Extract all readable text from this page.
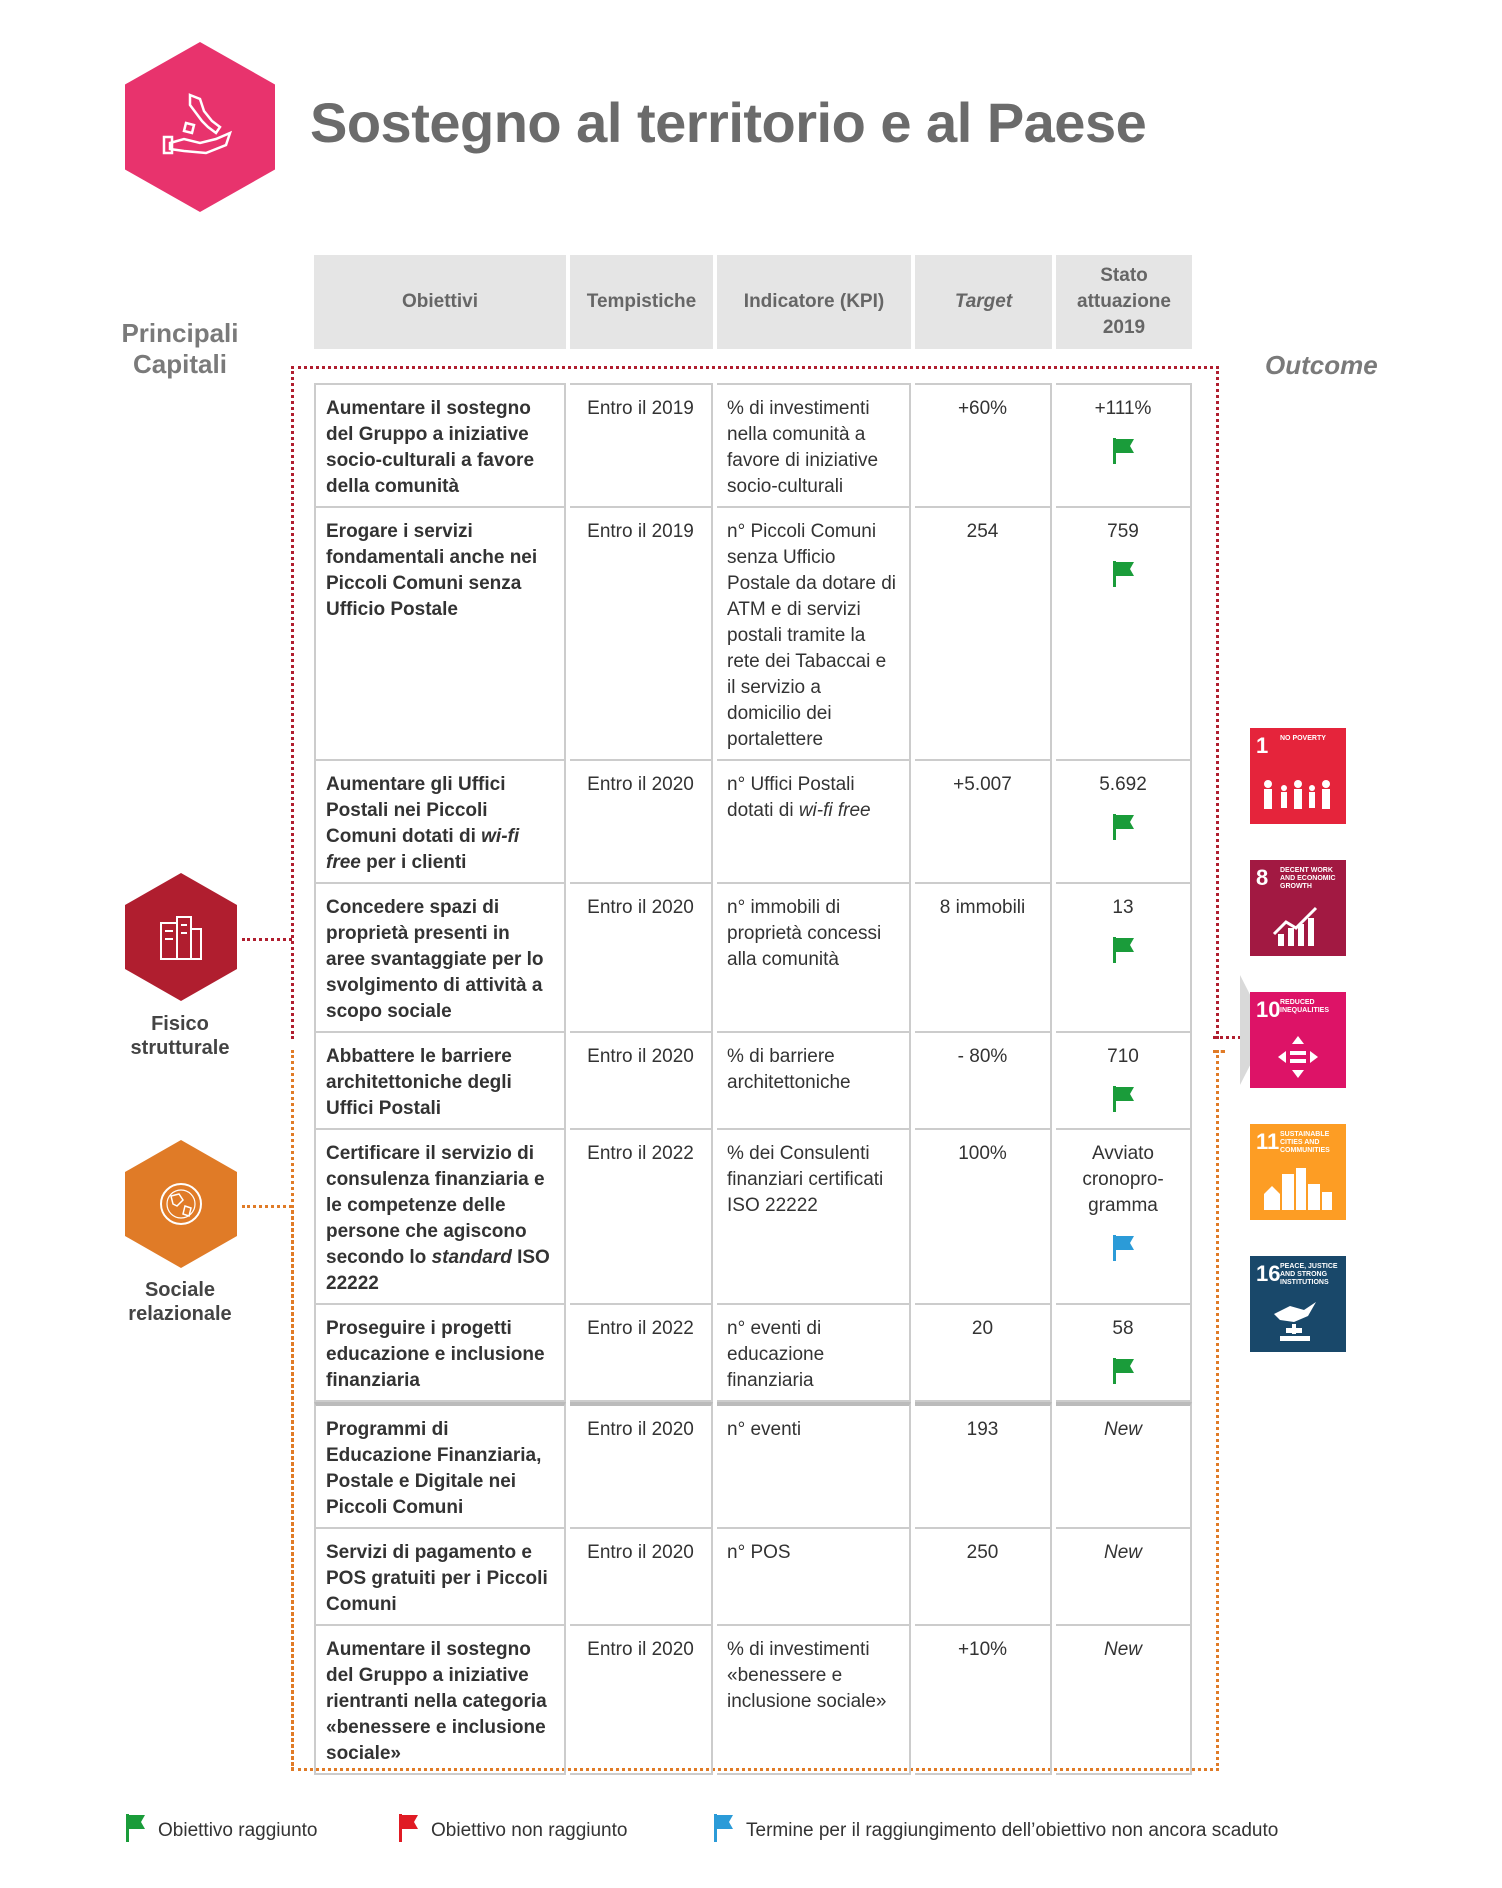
Sostegno al territorio e al Paese
Principali Capitali	Outcome
Fisico strutturale
Sociale relazionale
Obiettivi	Tempistiche	Indicatore (KPI)	Target	Stato attuazione 2019

Aumentare il sostegno del Gruppo a iniziative socio-culturali a favore della comunità	Entro il 2019	% di investimenti nella comunità a favore di iniziative socio-culturali	+60%	+111%

Erogare i servizi fondamentali anche nei Piccoli Comuni senza Ufficio Postale	Entro il 2019	n° Piccoli Comuni senza Ufficio Postale da dotare di ATM e di servizi postali tramite la rete dei Tabaccai e il servizio a domicilio dei portalettere	254	759

Aumentare gli Uffici Postali nei Piccoli Comuni dotati di wi-fi free per i clienti	Entro il 2020	n° Uffici Postali dotati di wi-fi free	+5.007	5.692

Concedere spazi di proprietà presenti in aree svantaggiate per lo svolgimento di attività a scopo sociale	Entro il 2020	n° immobili di proprietà concessi alla comunità	8 immobili	13

Abbattere le barriere architettoniche degli Uffici Postali	Entro il 2020	% di barriere architettoniche	- 80%	710

Certificare il servizio di consulenza finanziaria e le competenze delle persone che agiscono secondo lo standard ISO 22222	Entro il 2022	% dei Consulenti finanziari certificati ISO 22222	100%	Avviato cronopro-gramma

Proseguire i progetti educazione e inclusione finanziaria	Entro il 2022	n° eventi di educazione finanziaria	20	58

Programmi di Educazione Finanziaria, Postale e Digitale nei Piccoli Comuni	Entro il 2020	n° eventi	193	New
Servizi di pagamento e POS gratuiti per i Piccoli Comuni	Entro il 2020	n° POS	250	New
Aumentare il sostegno del Gruppo a iniziative rientranti nella categoria «benessere e inclusione sociale»	Entro il 2020	% di investimenti «benessere e inclusione sociale»	+10%	New
1 NO POVERTY
8 DECENT WORK AND ECONOMIC GROWTH
10 REDUCED INEQUALITIES
11 SUSTAINABLE CITIES AND COMMUNITIES
16 PEACE, JUSTICE AND STRONG INSTITUTIONS
Obiettivo raggiunto	Obiettivo non raggiunto	Termine per il raggiungimento dell’obiettivo non ancora scaduto
